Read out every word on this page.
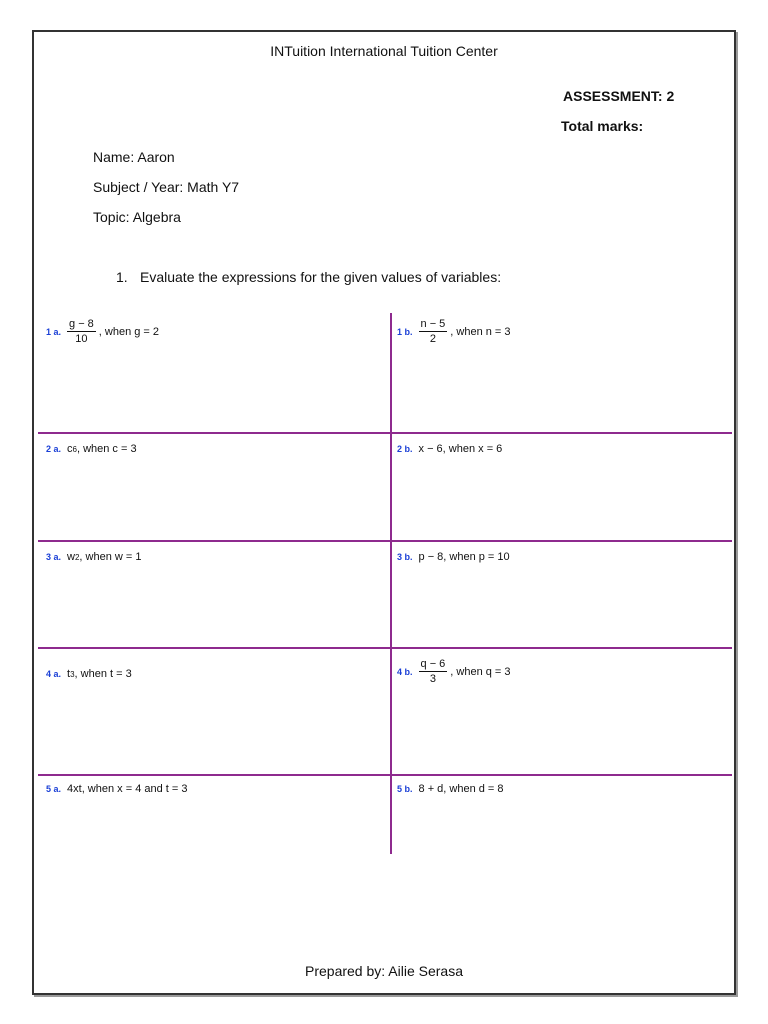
INTuition International Tuition Center
ASSESSMENT: 2
Total marks:
Name: Aaron
Subject / Year: Math Y7
Topic: Algebra
1. Evaluate the expressions for the given values of variables:
1 a. $\frac{g - 8}{10}$ , when g = 2	1 b. $\frac{n - 5}{2}$ , when n = 3
2 a. c 6 , when c = 3	2 b. x − 6, when x = 6
3 a. w 2 , when w = 1	3 b. p − 8, when p = 10
4 a. t 3 , when t = 3	4 b. $\frac{q - 6}{3}$ , when q = 3
5 a. 4xt, when x = 4 and t = 3	5 b. 8 + d, when d = 8
Prepared by: Ailie Serasa
